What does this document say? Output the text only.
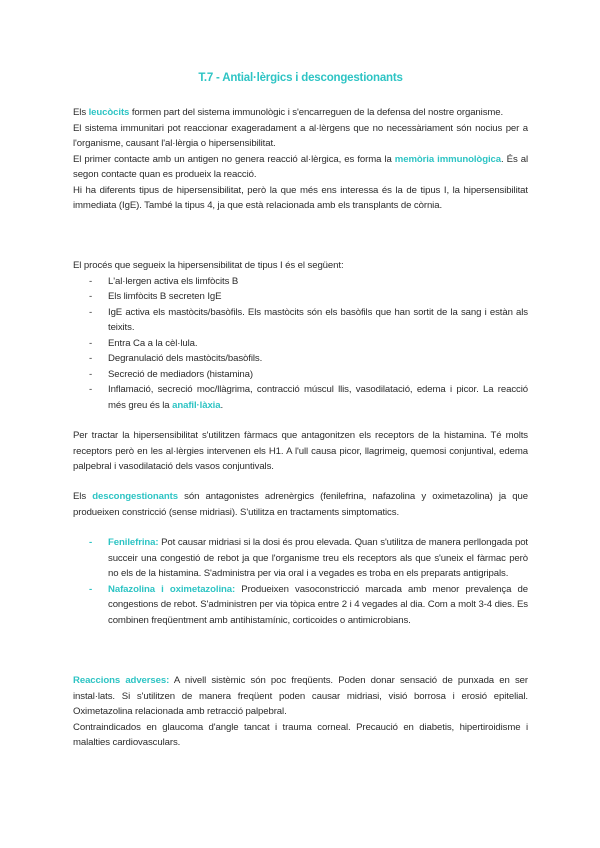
T.7 - Antial·lèrgics i descongestionants

Els leucòcits formen part del sistema immunològic i s'encarreguen de la defensa del nostre organisme.

El sistema immunitari pot reaccionar exageradament a al·lèrgens que no necessàriament són nocius per a l'organisme, causant l'al·lèrgia o hipersensibilitat.

El primer contacte amb un antigen no genera reacció al·lèrgica, es forma la memòria immunològica. És al segon contacte quan es produeix la reacció.

Hi ha diferents tipus de hipersensibilitat, però la que més ens interessa és la de tipus I, la hipersensibilitat immediata (IgE). També la tipus 4, ja que està relacionada amb els transplants de còrnia.

El procés que segueix la hipersensibilitat de tipus I és el següent:

- L'al·lergen activa els limfòcits B
- Els limfòcits B secreten IgE
- IgE activa els mastòcits/basòfils. Els mastòcits són els basòfils que han sortit de la sang i estàn als teixits.
- Entra Ca a la cèl·lula.
- Degranulació dels mastòcits/basòfils.
- Secreció de mediadors (histamina)
- Inflamació, secreció moc/llàgrima, contracció múscul llis, vasodilatació, edema i picor. La reacció més greu és la anafil·làxia.

Per tractar la hipersensibilitat s'utilitzen fàrmacs que antagonitzen els receptors de la histamina. Té molts receptors però en les al·lèrgies intervenen els H1. A l'ull causa picor, llagrimeig, quemosi conjuntival, edema palpebral i vasodilatació dels vasos conjuntivals.

Els descongestionants són antagonistes adrenèrgics (fenilefrina, nafazolina y oximetazolina) ja que produeixen constricció (sense midriasi). S'utilitza en tractaments simptomatics.

- Fenilefrina: Pot causar midriasi si la dosi és prou elevada. Quan s'utilitza de manera perllongada pot succeir una congestió de rebot ja que l'organisme treu els receptors als que s'uneix el fàrmac però no els de la histamina. S'administra per via oral i a vegades es troba en els preparats antigripals.
- Nafazolina i oximetazolina: Produeixen vasoconstricció marcada amb menor prevalença de congestions de rebot. S'administren per via tòpica entre 2 i 4 vegades al dia. Com a molt 3-4 dies. Es combinen freqüentment amb antihistamínic, corticoides o antimicrobians.

Reaccions adverses: A nivell sistèmic són poc freqüents. Poden donar sensació de punxada en ser instal·lats. Si s'utilitzen de manera freqüent poden causar midriasi, visió borrosa i erosió epitelial. Oximetazolina relacionada amb retracció palpebral.

Contraindicados en glaucoma d'angle tancat i trauma corneal. Precaució en diabetis, hipertiroidisme i malalties cardiovasculars.
